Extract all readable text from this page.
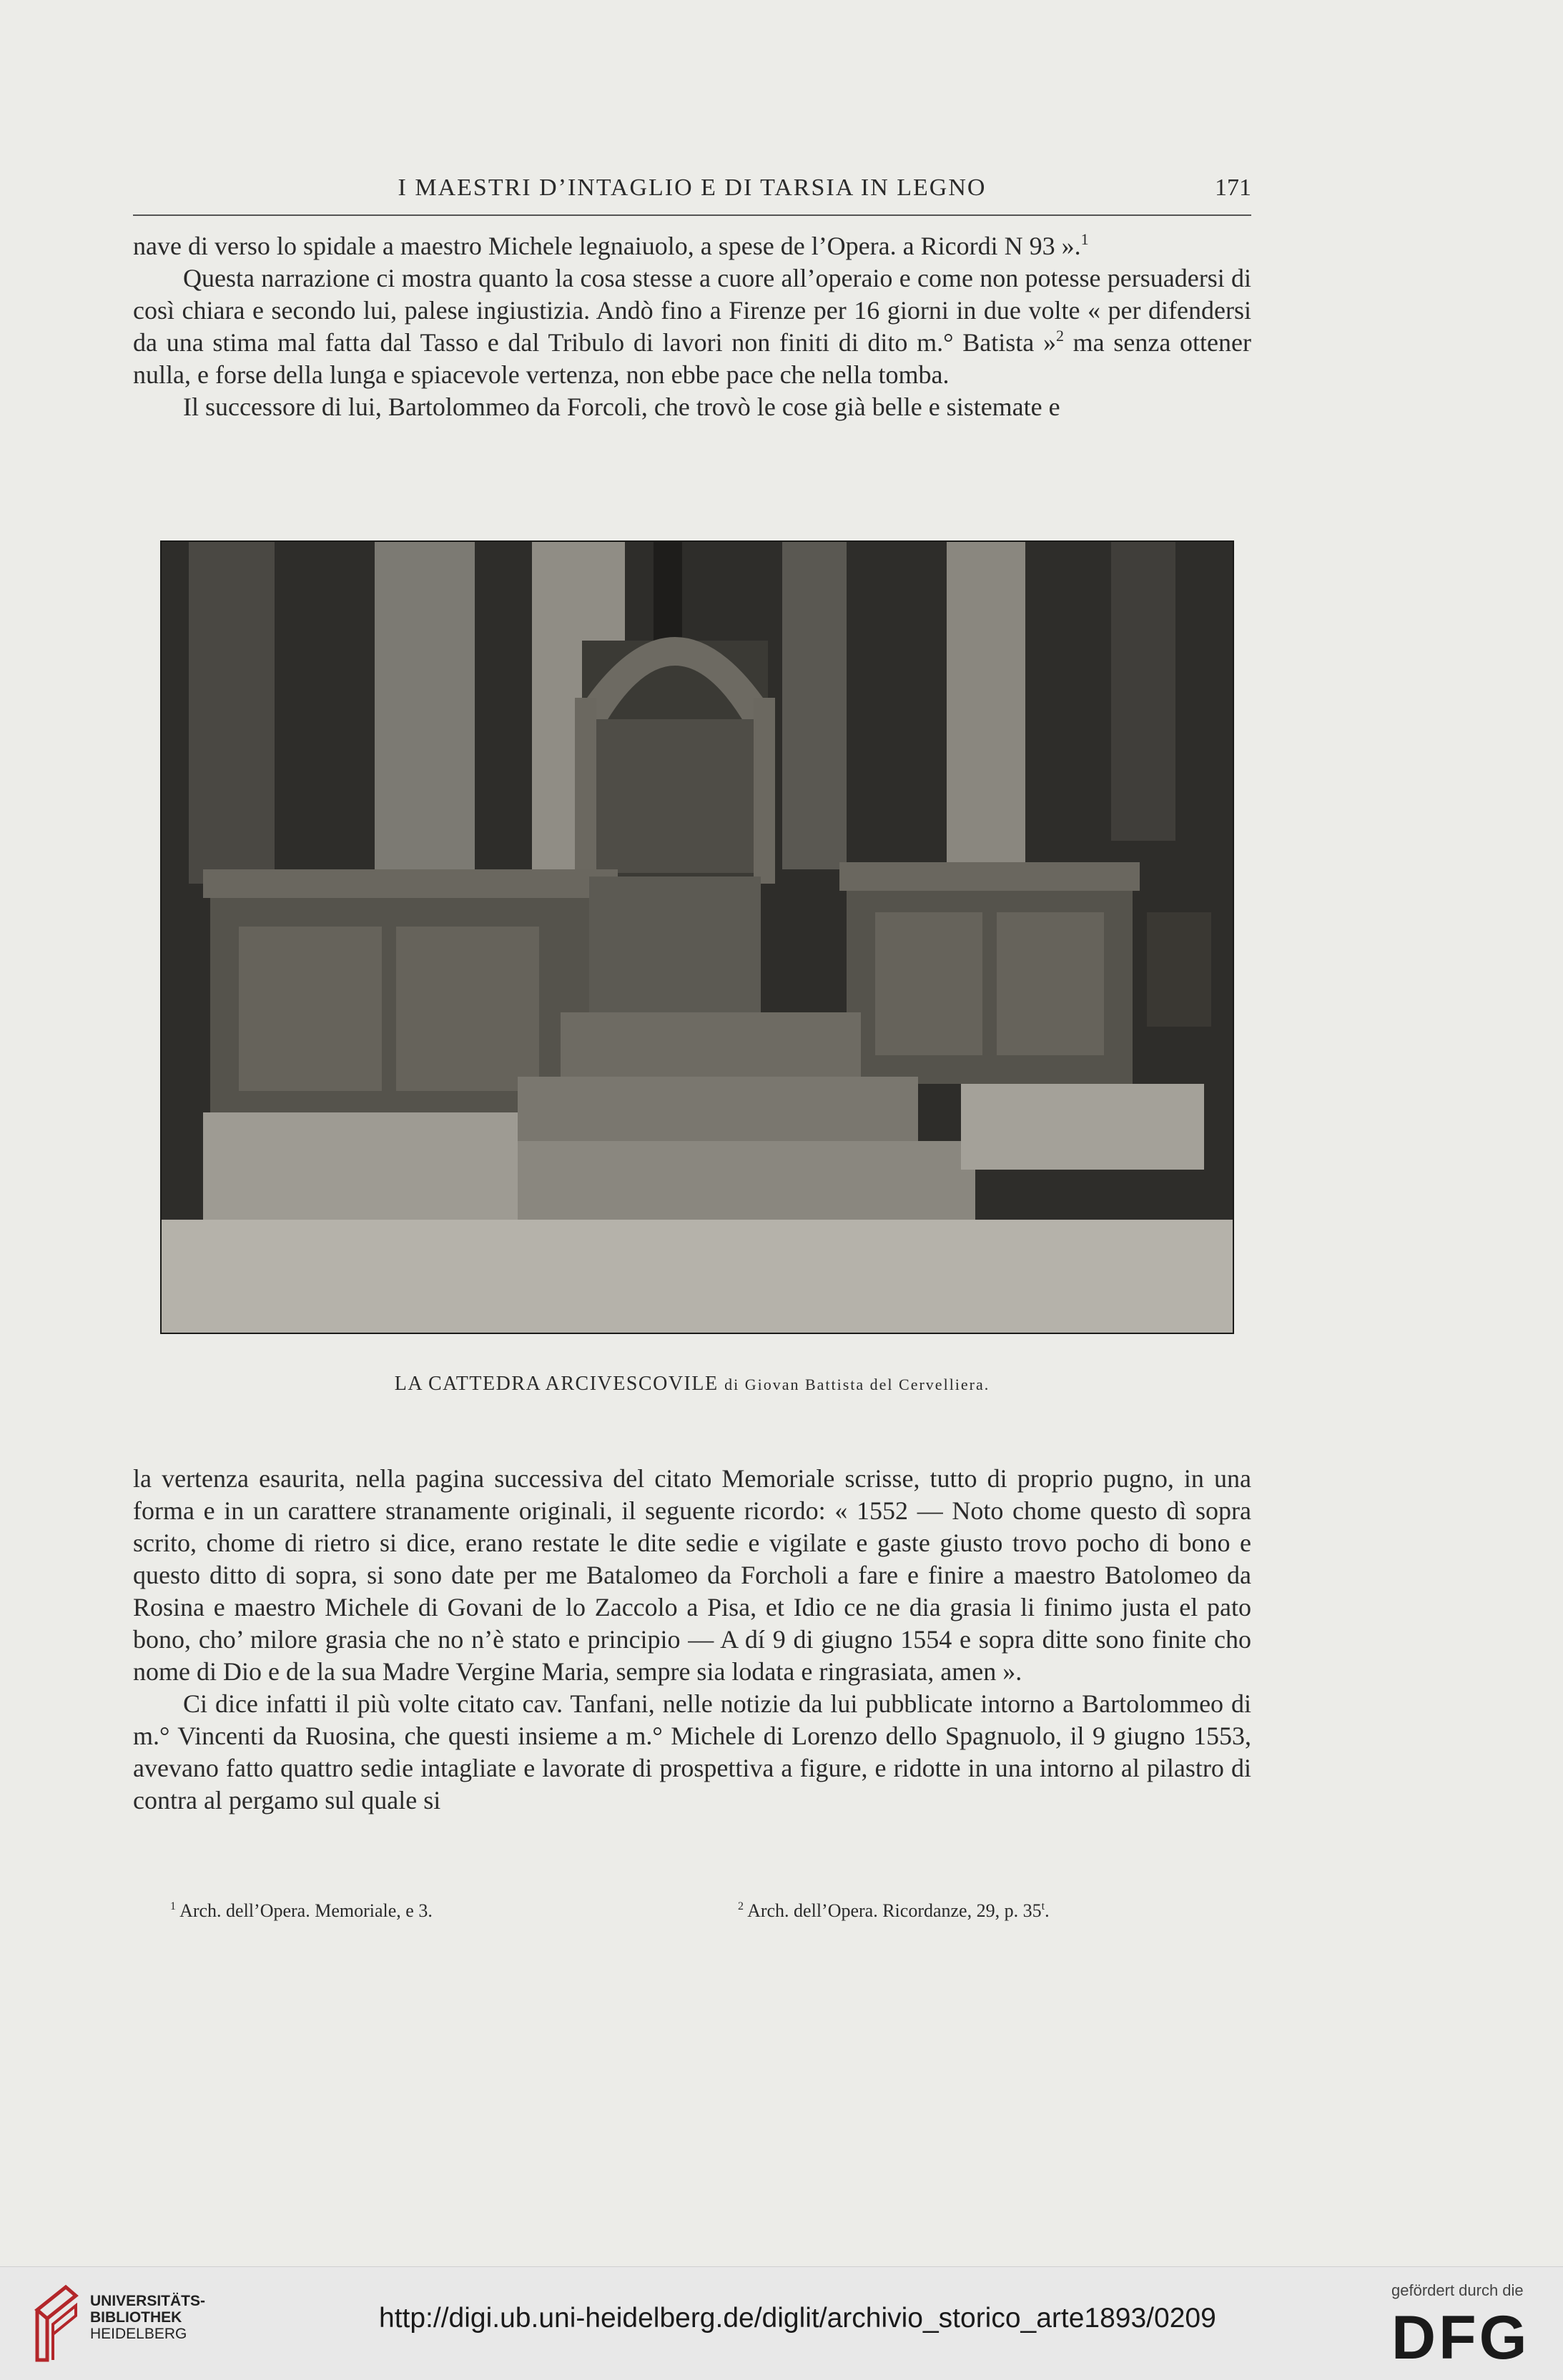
I MAESTRI D’INTAGLIO E DI TARSIA IN LEGNO	171

nave di verso lo spidale a maestro Michele legnaiuolo, a spese de l’Opera. a Ricordi N 93 ».$^1$

Questa narrazione ci mostra quanto la cosa stesse a cuore all’operaio e come non potesse persuadersi di così chiara e secondo lui, palese ingiustizia. Andò fino a Firenze per 16 giorni in due volte « per difendersi da una stima mal fatta dal Tasso e dal Tribulo di lavori non finiti di dito m.° Batista »$^2$ ma senza ottener nulla, e forse della lunga e spiacevole vertenza, non ebbe pace che nella tomba.

Il successore di lui, Bartolommeo da Forcoli, che trovò le cose già belle e sistemate e

LA CATTEDRA ARCIVESCOVILE di Giovan Battista del Cervelliera.

la vertenza esaurita, nella pagina successiva del citato Memoriale scrisse, tutto di proprio pugno, in una forma e in un carattere stranamente originali, il seguente ricordo: « 1552 — Noto chome questo dì sopra scrito, chome di rietro si dice, erano restate le dite sedie e vigilate e gaste giusto trovo pocho di bono e questo ditto di sopra, si sono date per me Batalomeo da Forcholi a fare e finire a maestro Batolomeo da Rosina e maestro Michele di Govani de lo Zaccolo a Pisa, et Idio ce ne dia grasia li finimo justa el pato bono, cho’ milore grasia che no n’è stato e principio — A dí 9 di giugno 1554 e sopra ditte sono finite cho nome di Dio e de la sua Madre Vergine Maria, sempre sia lodata e ringrasiata, amen ».

Ci dice infatti il più volte citato cav. Tanfani, nelle notizie da lui pubblicate intorno a Bartolommeo di m.° Vincenti da Ruosina, che questi insieme a m.° Michele di Lorenzo dello Spagnuolo, il 9 giugno 1553, avevano fatto quattro sedie intagliate e lavorate di prospettiva a figure, e ridotte in una intorno al pilastro di contra al pergamo sul quale si

$^1$ Arch. dell’Opera. Memoriale, e 3.	$^2$ Arch. dell’Opera. Ricordanze, 29, p. 35$^t$.
UNIVERSITÄTS-
BIBLIOTHEK
HEIDELBERG
http://digi.ub.uni-heidelberg.de/diglit/archivio_storico_arte1893/0209
gefördert durch die
DFG
